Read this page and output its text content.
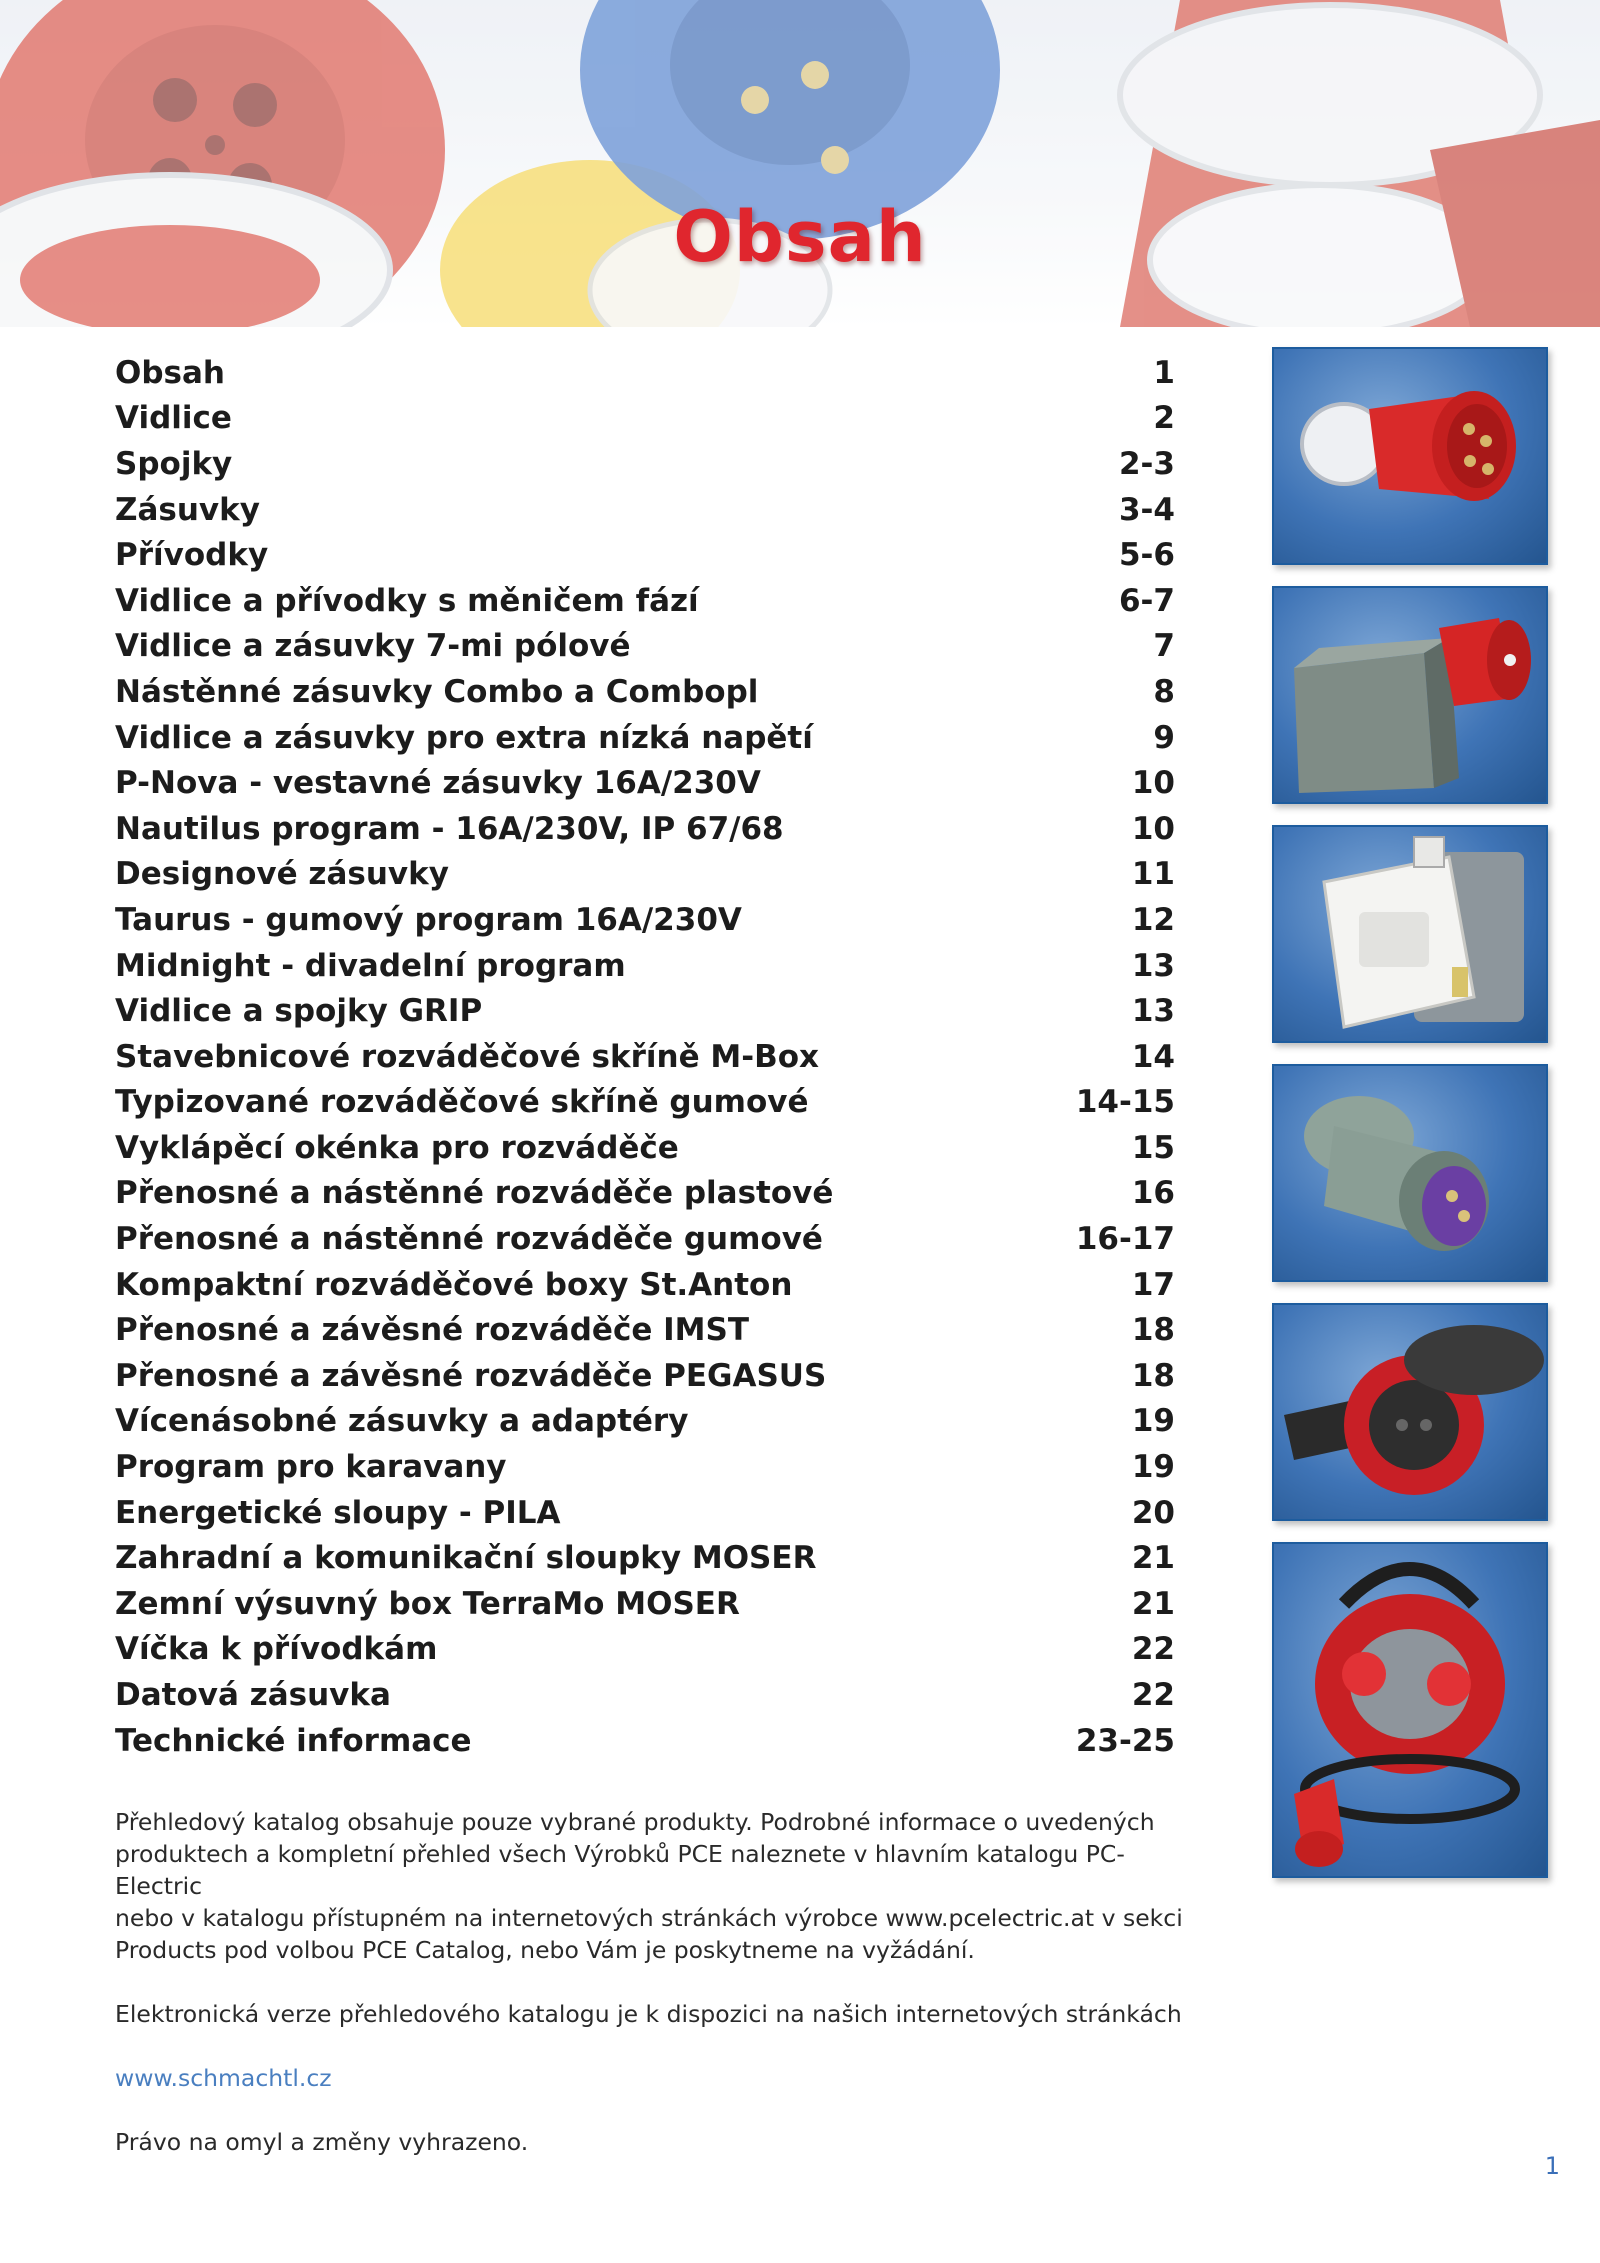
Obsah
Obsah	1
Vidlice	2
Spojky	2-3
Zásuvky	3-4
Přívodky	5-6
Vidlice a přívodky s měničem fází	6-7
Vidlice a zásuvky 7-mi pólové	7
Nástěnné zásuvky Combo a Combopl	8
Vidlice a zásuvky pro extra nízká napětí	9
P-Nova - vestavné zásuvky 16A/230V	10
Nautilus program - 16A/230V, IP 67/68	10
Designové zásuvky	11
Taurus - gumový program 16A/230V	12
Midnight - divadelní program	13
Vidlice a spojky GRIP	13
Stavebnicové rozváděčové skříně M-Box	14
Typizované rozváděčové skříně gumové	14-15
Vyklápěcí okénka pro rozváděče	15
Přenosné a nástěnné rozváděče plastové	16
Přenosné a nástěnné rozváděče gumové	16-17
Kompaktní rozváděčové boxy St.Anton	17
Přenosné a závěsné rozváděče IMST	18
Přenosné a závěsné rozváděče PEGASUS	18
Vícenásobné zásuvky a adaptéry	19
Program pro karavany	19
Energetické sloupy - PILA	20
Zahradní a komunikační sloupky MOSER	21
Zemní výsuvný box TerraMo MOSER	21
Víčka k přívodkám	22
Datová zásuvka	22
Technické informace	23-25

Přehledový katalog obsahuje pouze vybrané produkty. Podrobné informace o uvedených

produktech a kompletní přehled všech Výrobků PCE naleznete v hlavním katalogu PC-Electric

nebo v katalogu přístupném na internetových stránkách výrobce www.pcelectric.at v sekci

Products pod volbou PCE Catalog, nebo Vám je poskytneme na vyžádání.

Elektronická verze přehledového katalogu je k dispozici na našich internetových stránkách

www.schmachtl.cz

Právo na omyl a změny vyhrazeno.

1
